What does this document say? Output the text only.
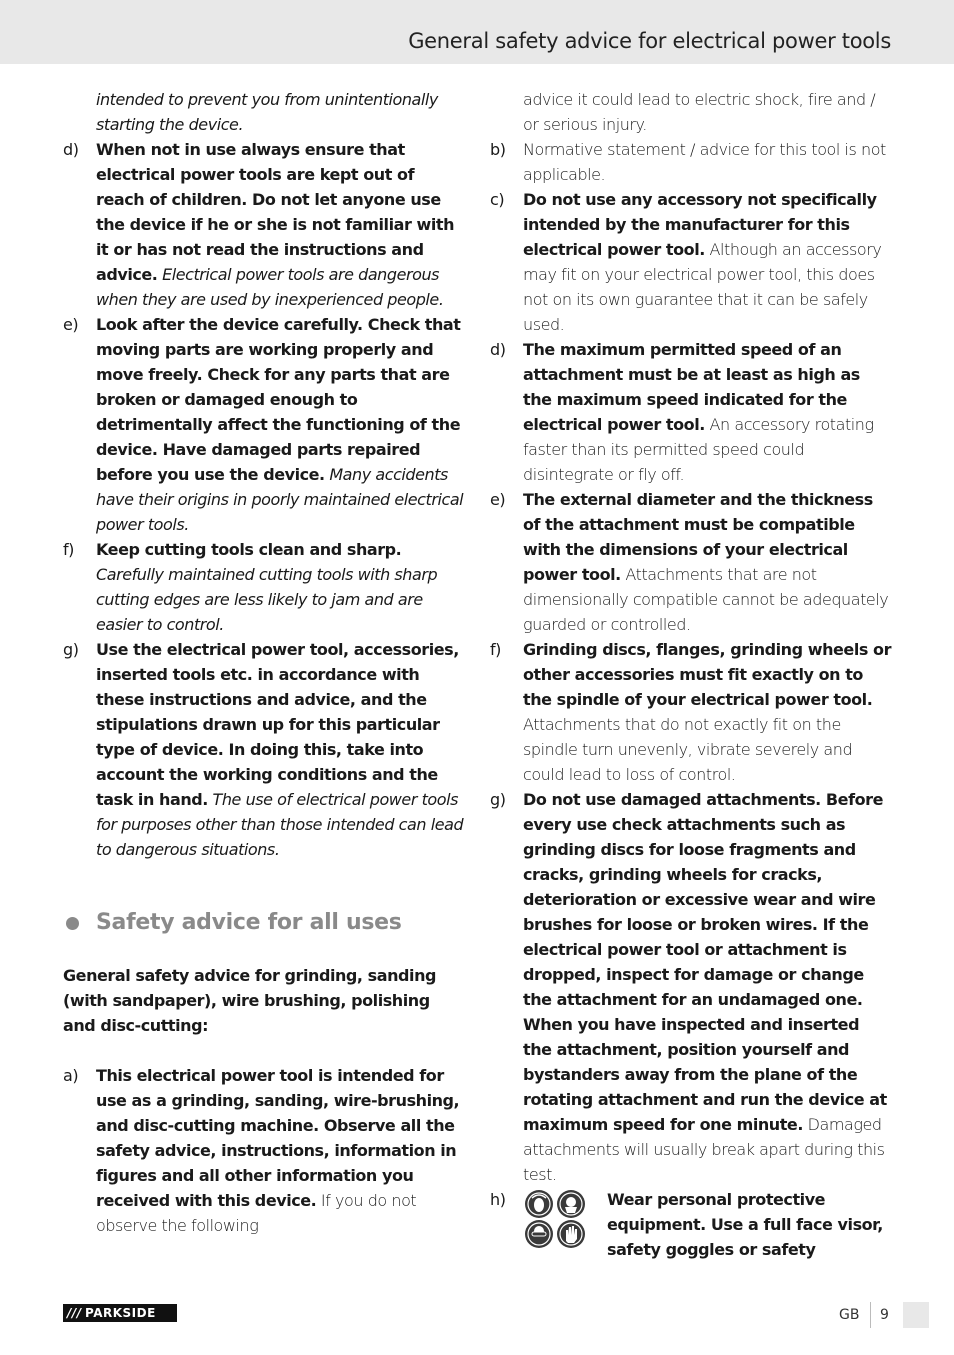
General safety advice for electrical power tools
intended to prevent you from unintentionally starting the device.
d) When not in use always ensure that electrical power tools are kept out of reach of children. Do not let anyone use the device if he or she is not familiar with it or has not read the instructions and advice. Electrical power tools are dangerous when they are used by inexperienced people.
e) Look after the device carefully. Check that moving parts are working properly and move freely. Check for any parts that are broken or damaged enough to detrimentally affect the functioning of the device. Have damaged parts repaired before you use the device. Many accidents have their origins in poorly maintained electrical power tools.
f) Keep cutting tools clean and sharp. Carefully maintained cutting tools with sharp cutting edges are less likely to jam and are easier to control.
g) Use the electrical power tool, accessories, inserted tools etc. in accordance with these instructions and advice, and the stipulations drawn up for this particular type of device. In doing this, take into account the working conditions and the task in hand. The use of electrical power tools for purposes other than those intended can lead to dangerous situations.
Safety advice for all uses
General safety advice for grinding, sanding (with sandpaper), wire brushing, polishing and disc-cutting:
a) This electrical power tool is intended for use as a grinding, sanding, wire-brushing, and disc-cutting machine. Observe all the safety advice, instructions, information in figures and all other information you received with this device. If you do not observe the following
advice it could lead to electric shock, fire and / or serious injury.
b) Normative statement / advice for this tool is not applicable.
c) Do not use any accessory not specifically intended by the manufacturer for this electrical power tool. Although an accessory may fit on your electrical power tool, this does not on its own guarantee that it can be safely used.
d) The maximum permitted speed of an attachment must be at least as high as the maximum speed indicated for the electrical power tool. An accessory rotating faster than its permitted speed could disintegrate or fly off.
e) The external diameter and the thickness of the attachment must be compatible with the dimensions of your electrical power tool. Attachments that are not dimensionally compatible cannot be adequately guarded or controlled.
f) Grinding discs, flanges, grinding wheels or other accessories must fit exactly on to the spindle of your electrical power tool. Attachments that do not exactly fit on the spindle turn unevenly, vibrate severely and could lead to loss of control.
g) Do not use damaged attachments. Before every use check attachments such as grinding discs for loose fragments and cracks, grinding wheels for cracks, deterioration or excessive wear and wire brushes for loose or broken wires. If the electrical power tool or attachment is dropped, inspect for damage or change the attachment for an undamaged one. When you have inspected and inserted the attachment, position yourself and bystanders away from the plane of the rotating attachment and run the device at maximum speed for one minute. Damaged attachments will usually break apart during this test.
h)	Wear personal protective equipment. Use a full face visor, safety goggles or safety
/// PARKSIDE	GB 9
